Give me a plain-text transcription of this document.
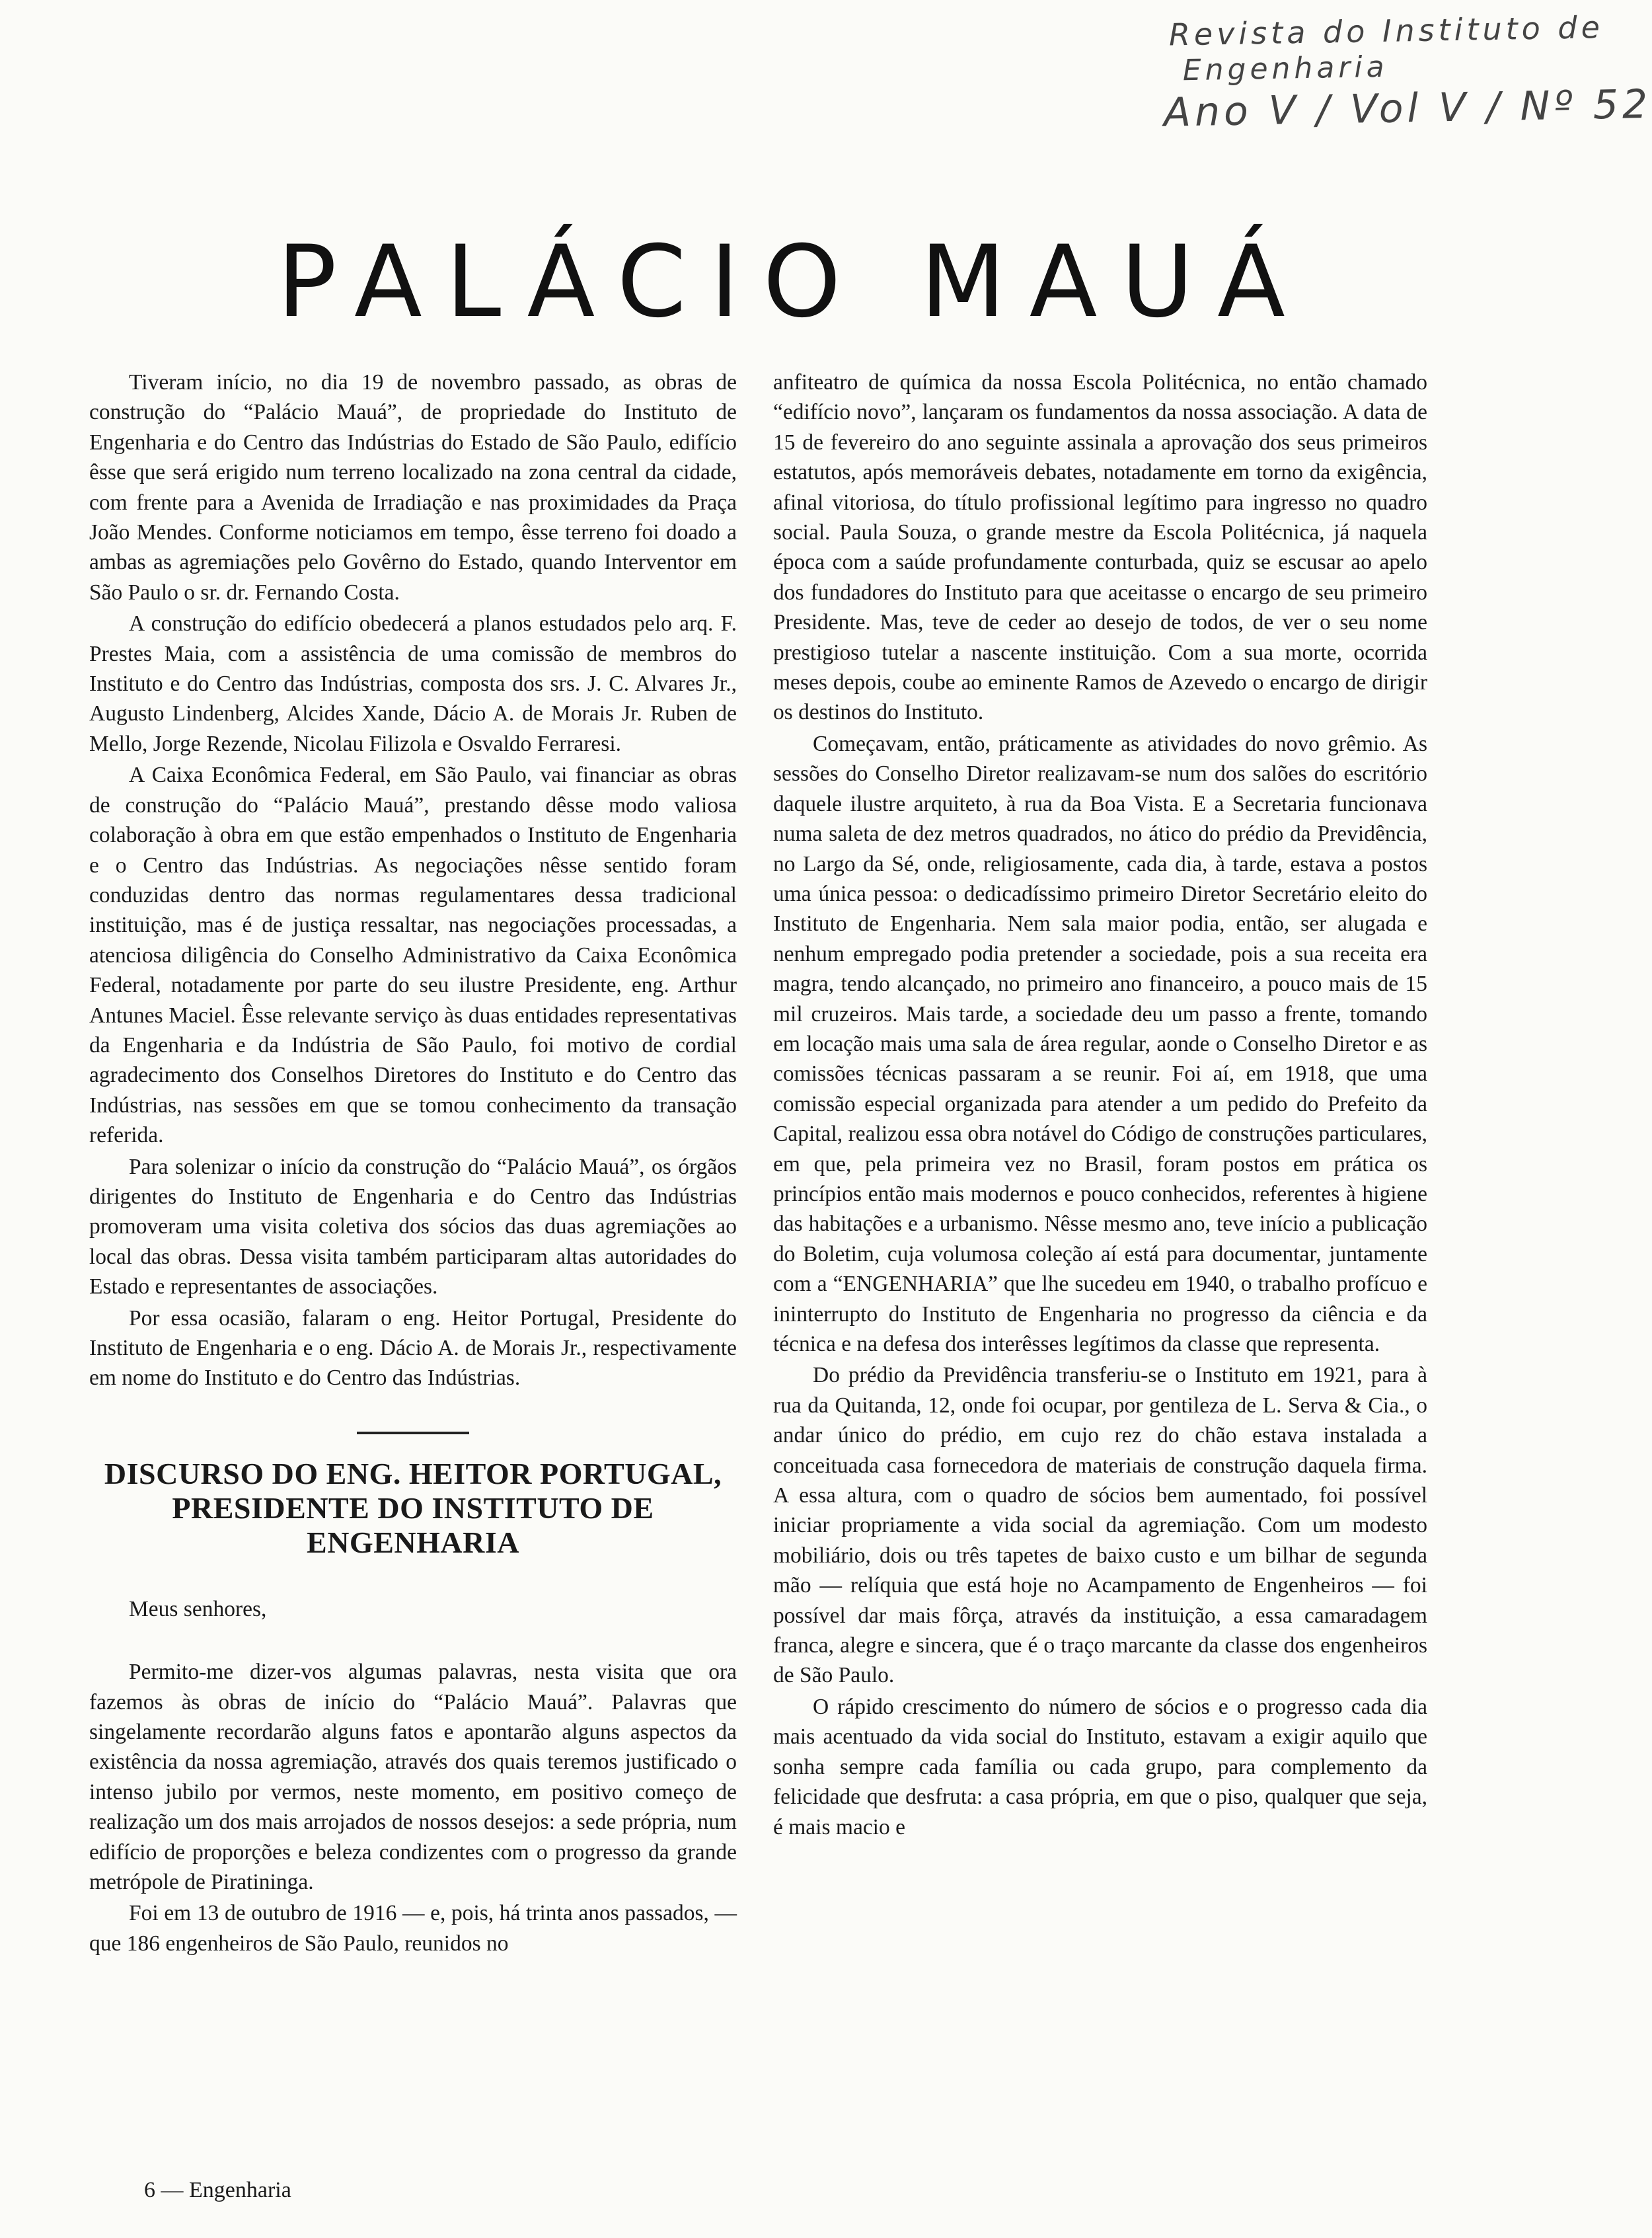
Revista do Instituto de
Engenharia
Ano V / Vol V / Nº 52
PALÁCIO MAUÁ

Tiveram início, no dia 19 de novembro passado, as obras de construção do “Palácio Mauá”, de propriedade do Instituto de Engenharia e do Centro das Indústrias do Estado de São Paulo, edifício êsse que será erigido num terreno localizado na zona central da cidade, com frente para a Avenida de Irradiação e nas proximidades da Praça João Mendes. Conforme noticiamos em tempo, êsse terreno foi doado a ambas as agremiações pelo Govêrno do Estado, quando Interventor em São Paulo o sr. dr. Fernando Costa.

A construção do edifício obedecerá a planos estudados pelo arq. F. Prestes Maia, com a assistência de uma comissão de membros do Instituto e do Centro das Indústrias, composta dos srs. J. C. Alvares Jr., Augusto Lindenberg, Alcides Xande, Dácio A. de Morais Jr. Ruben de Mello, Jorge Rezende, Nicolau Filizola e Osvaldo Ferraresi.

A Caixa Econômica Federal, em São Paulo, vai financiar as obras de construção do “Palácio Mauá”, prestando dêsse modo valiosa colaboração à obra em que estão empenhados o Instituto de Engenharia e o Centro das Indústrias. As negociações nêsse sentido foram conduzidas dentro das normas regulamentares dessa tradicional instituição, mas é de justiça ressaltar, nas negociações processadas, a atenciosa diligência do Conselho Administrativo da Caixa Econômica Federal, notadamente por parte do seu ilustre Presidente, eng. Arthur Antunes Maciel. Êsse relevante serviço às duas entidades representativas da Engenharia e da Indústria de São Paulo, foi motivo de cordial agradecimento dos Conselhos Diretores do Instituto e do Centro das Indústrias, nas sessões em que se tomou conhecimento da transação referida.

Para solenizar o início da construção do “Palácio Mauá”, os órgãos dirigentes do Instituto de Engenharia e do Centro das Indústrias promoveram uma visita coletiva dos sócios das duas agremiações ao local das obras. Dessa visita também participaram altas autoridades do Estado e representantes de associações.

Por essa ocasião, falaram o eng. Heitor Portugal, Presidente do Instituto de Engenharia e o eng. Dácio A. de Morais Jr., respectivamente em nome do Instituto e do Centro das Indústrias.

DISCURSO DO ENG. HEITOR PORTUGAL, PRESIDENTE DO INSTITUTO DE ENGENHARIA

Meus senhores,

Permito-me dizer-vos algumas palavras, nesta visita que ora fazemos às obras de início do “Palácio Mauá”. Palavras que singelamente recordarão alguns fatos e apontarão alguns aspectos da existência da nossa agremiação, através dos quais teremos justificado o intenso jubilo por vermos, neste momento, em positivo começo de realização um dos mais arrojados de nossos desejos: a sede própria, num edifício de proporções e beleza condizentes com o progresso da grande metrópole de Piratininga.

Foi em 13 de outubro de 1916 — e, pois, há trinta anos passados, — que 186 engenheiros de São Paulo, reunidos no

anfiteatro de química da nossa Escola Politécnica, no então chamado “edifício novo”, lançaram os fundamentos da nossa associação. A data de 15 de fevereiro do ano seguinte assinala a aprovação dos seus primeiros estatutos, após memoráveis debates, notadamente em torno da exigência, afinal vitoriosa, do título profissional legítimo para ingresso no quadro social. Paula Souza, o grande mestre da Escola Politécnica, já naquela época com a saúde profundamente conturbada, quiz se escusar ao apelo dos fundadores do Instituto para que aceitasse o encargo de seu primeiro Presidente. Mas, teve de ceder ao desejo de todos, de ver o seu nome prestigioso tutelar a nascente instituição. Com a sua morte, ocorrida meses depois, coube ao eminente Ramos de Azevedo o encargo de dirigir os destinos do Instituto.

Começavam, então, práticamente as atividades do novo grêmio. As sessões do Conselho Diretor realizavam-se num dos salões do escritório daquele ilustre arquiteto, à rua da Boa Vista. E a Secretaria funcionava numa saleta de dez metros quadrados, no ático do prédio da Previdência, no Largo da Sé, onde, religiosamente, cada dia, à tarde, estava a postos uma única pessoa: o dedicadíssimo primeiro Diretor Secretário eleito do Instituto de Engenharia. Nem sala maior podia, então, ser alugada e nenhum empregado podia pretender a sociedade, pois a sua receita era magra, tendo alcançado, no primeiro ano financeiro, a pouco mais de 15 mil cruzeiros. Mais tarde, a sociedade deu um passo a frente, tomando em locação mais uma sala de área regular, aonde o Conselho Diretor e as comissões técnicas passaram a se reunir. Foi aí, em 1918, que uma comissão especial organizada para atender a um pedido do Prefeito da Capital, realizou essa obra notável do Código de construções particulares, em que, pela primeira vez no Brasil, foram postos em prática os princípios então mais modernos e pouco conhecidos, referentes à higiene das habitações e a urbanismo. Nêsse mesmo ano, teve início a publicação do Boletim, cuja volumosa coleção aí está para documentar, juntamente com a “ENGENHARIA” que lhe sucedeu em 1940, o trabalho profícuo e ininterrupto do Instituto de Engenharia no progresso da ciência e da técnica e na defesa dos interêsses legítimos da classe que representa.

Do prédio da Previdência transferiu-se o Instituto em 1921, para à rua da Quitanda, 12, onde foi ocupar, por gentileza de L. Serva & Cia., o andar único do prédio, em cujo rez do chão estava instalada a conceituada casa fornecedora de materiais de construção daquela firma. A essa altura, com o quadro de sócios bem aumentado, foi possível iniciar propriamente a vida social da agremiação. Com um modesto mobiliário, dois ou três tapetes de baixo custo e um bilhar de segunda mão — relíquia que está hoje no Acampamento de Engenheiros — foi possível dar mais fôrça, através da instituição, a essa camaradagem franca, alegre e sincera, que é o traço marcante da classe dos engenheiros de São Paulo.

O rápido crescimento do número de sócios e o progresso cada dia mais acentuado da vida social do Instituto, estavam a exigir aquilo que sonha sempre cada família ou cada grupo, para complemento da felicidade que desfruta: a casa própria, em que o piso, qualquer que seja, é mais macio e

6 — Engenharia
